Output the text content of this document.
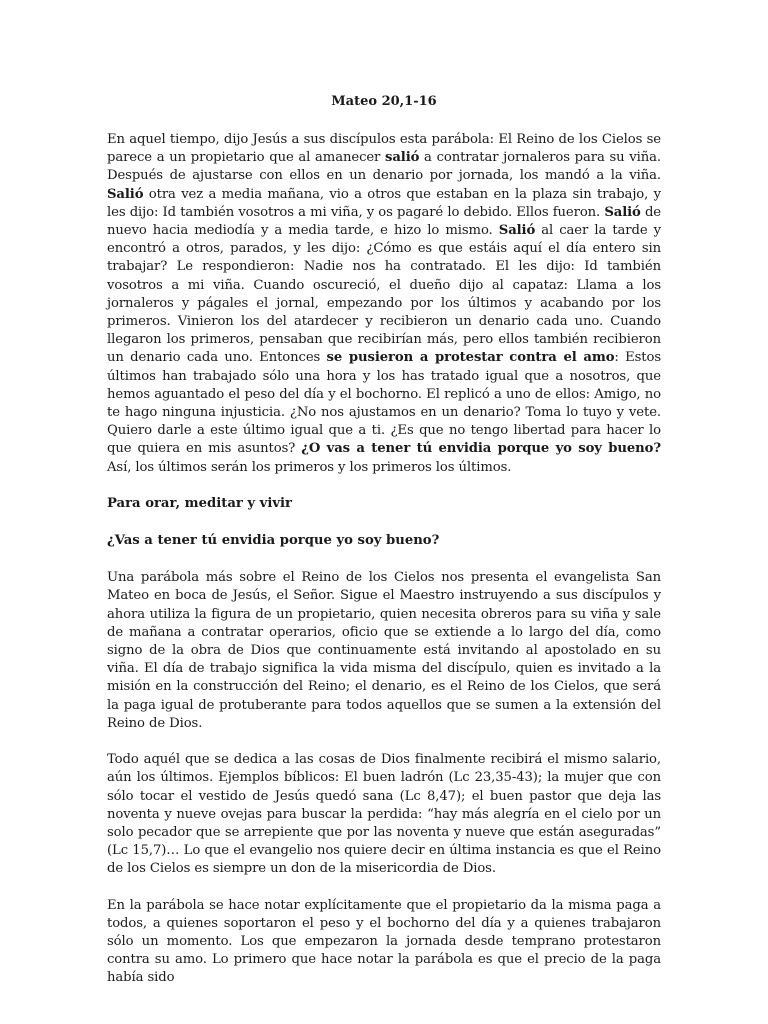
Mateo 20,1-16

En aquel tiempo, dijo Jesús a sus discípulos esta parábola: El Reino de los Cielos se parece a un propietario que al amanecer salió a contratar jornaleros para su viña. Después de ajustarse con ellos en un denario por jornada, los mandó a la viña. Salió otra vez a media mañana, vio a otros que estaban en la plaza sin trabajo, y les dijo: Id también vosotros a mi viña, y os pagaré lo debido. Ellos fueron. Salió de nuevo hacia mediodía y a media tarde, e hizo lo mismo. Salió al caer la tarde y encontró a otros, parados, y les dijo: ¿Cómo es que estáis aquí el día entero sin trabajar? Le respondieron: Nadie nos ha contratado. El les dijo: Id también vosotros a mi viña. Cuando oscureció, el dueño dijo al capataz: Llama a los jornaleros y págales el jornal, empezando por los últimos y acabando por los primeros. Vinieron los del atardecer y recibieron un denario cada uno. Cuando llegaron los primeros, pensaban que recibirían más, pero ellos también recibieron un denario cada uno. Entonces se pusieron a protestar contra el amo: Estos últimos han trabajado sólo una hora y los has tratado igual que a nosotros, que hemos aguantado el peso del día y el bochorno. El replicó a uno de ellos: Amigo, no te hago ninguna injusticia. ¿No nos ajustamos en un denario? Toma lo tuyo y vete. Quiero darle a este último igual que a ti. ¿Es que no tengo libertad para hacer lo que quiera en mis asuntos? ¿O vas a tener tú envidia porque yo soy bueno? Así, los últimos serán los primeros y los primeros los últimos.

Para orar, meditar y vivir
¿Vas a tener tú envidia porque yo soy bueno?

Una parábola más sobre el Reino de los Cielos nos presenta el evangelista San Mateo en boca de Jesús, el Señor. Sigue el Maestro instruyendo a sus discípulos y ahora utiliza la figura de un propietario, quien necesita obreros para su viña y sale de mañana a contratar operarios, oficio que se extiende a lo largo del día, como signo de la obra de Dios que continuamente está invitando al apostolado en su viña. El día de trabajo significa la vida misma del discípulo, quien es invitado a la misión en la construcción del Reino; el denario, es el Reino de los Cielos, que será la paga igual de protuberante para todos aquellos que se sumen a la extensión del Reino de Dios.

Todo aquél que se dedica a las cosas de Dios finalmente recibirá el mismo salario, aún los últimos. Ejemplos bíblicos: El buen ladrón (Lc 23,35-43); la mujer que con sólo tocar el vestido de Jesús quedó sana (Lc 8,47); el buen pastor que deja las noventa y nueve ovejas para buscar la perdida: “hay más alegría en el cielo por un solo pecador que se arrepiente que por las noventa y nueve que están aseguradas” (Lc 15,7)… Lo que el evangelio nos quiere decir en última instancia es que el Reino de los Cielos es siempre un don de la misericordia de Dios.

En la parábola se hace notar explícitamente que el propietario da la misma paga a todos, a quienes soportaron el peso y el bochorno del día y a quienes trabajaron sólo un momento. Los que empezaron la jornada desde temprano protestaron contra su amo. Lo primero que hace notar la parábola es que el precio de la paga había sido
